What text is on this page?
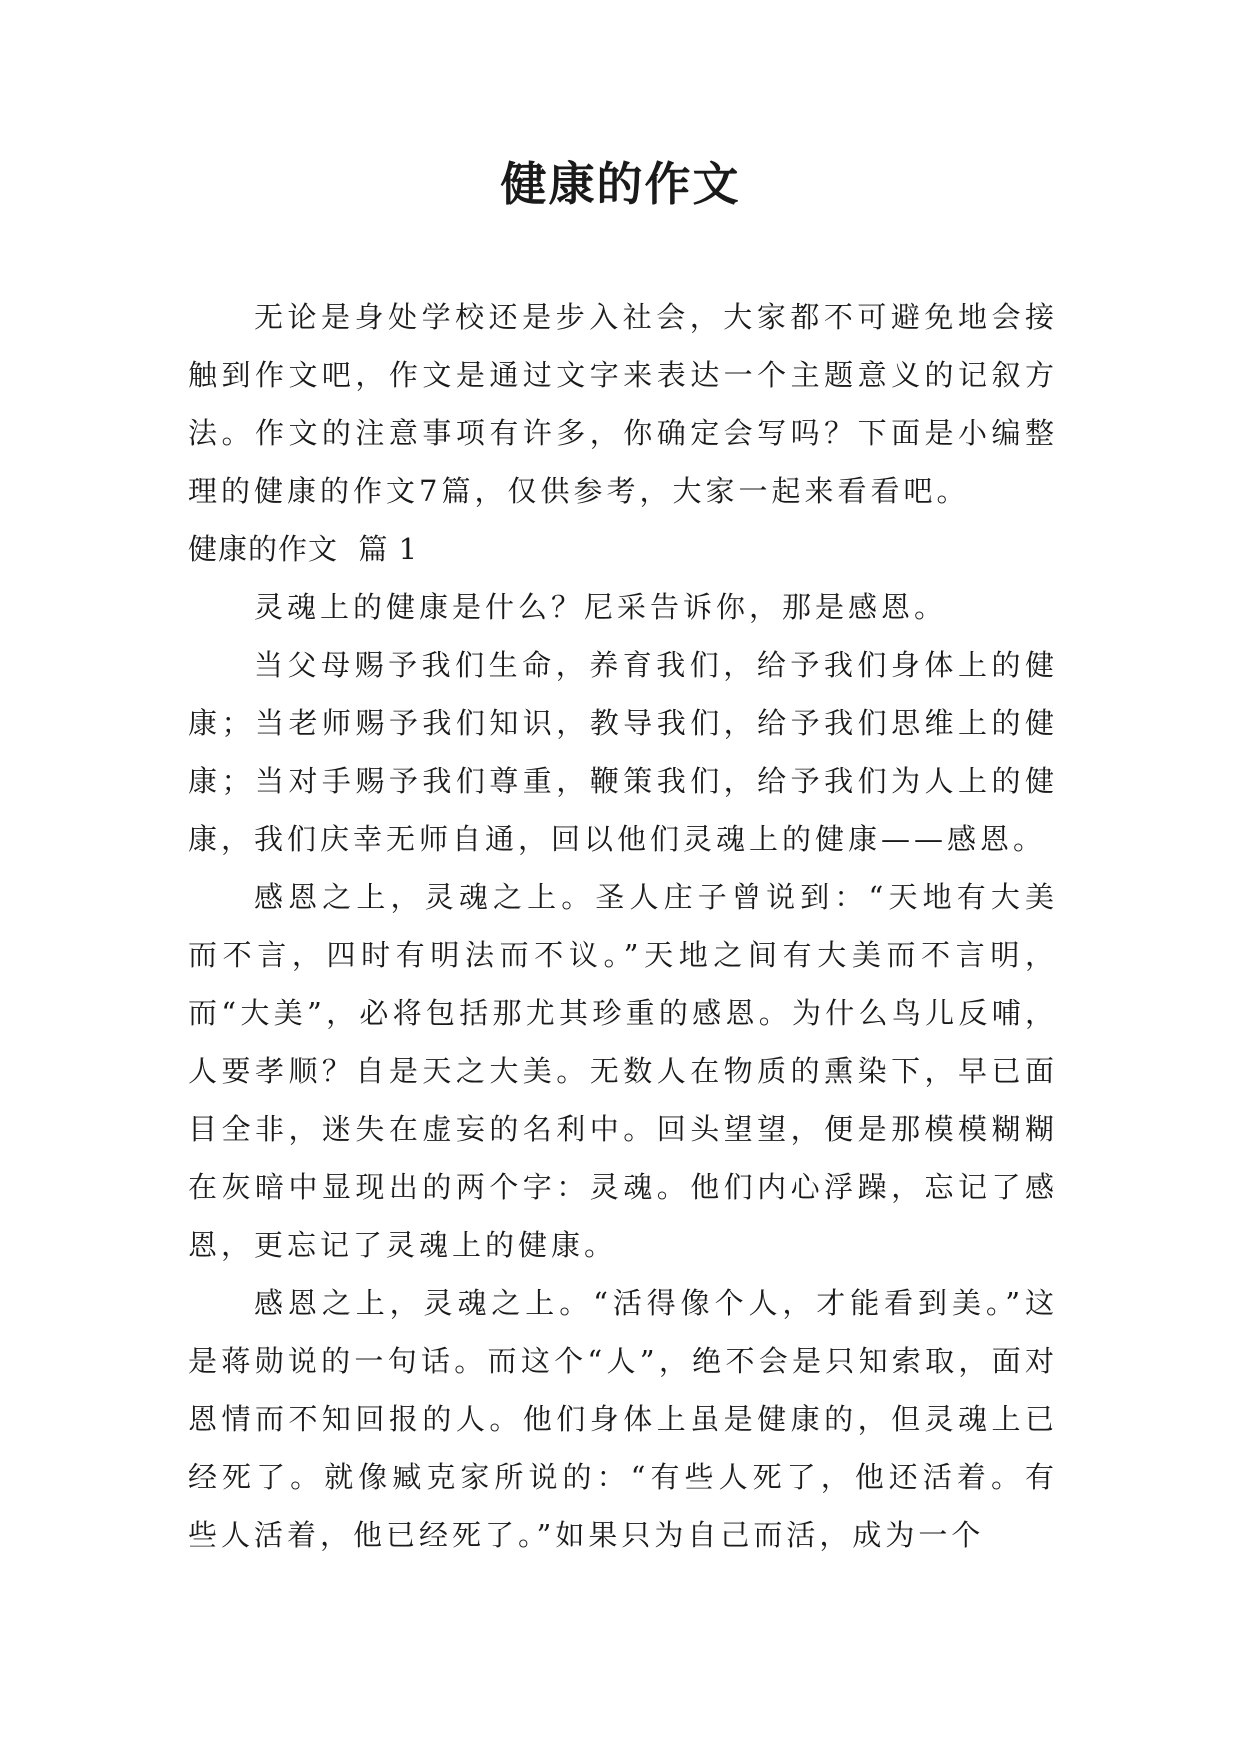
健康的作文

无论是身处学校还是步入社会，大家都不可避免地会接触到作文吧，作文是通过文字来表达一个主题意义的记叙方法。作文的注意事项有许多，你确定会写吗？下面是小编整理的健康的作文7篇，仅供参考，大家一起来看看吧。

健康的作文  篇 1

灵魂上的健康是什么？尼采告诉你，那是感恩。

当父母赐予我们生命，养育我们，给予我们身体上的健康；当老师赐予我们知识，教导我们，给予我们思维上的健康；当对手赐予我们尊重，鞭策我们，给予我们为人上的健康，我们庆幸无师自通，回以他们灵魂上的健康——感恩。

感恩之上，灵魂之上。圣人庄子曾说到：“天地有大美而不言，四时有明法而不议。”天地之间有大美而不言明，而“大美”，必将包括那尤其珍重的感恩。为什么鸟儿反哺，人要孝顺？自是天之大美。无数人在物质的熏染下，早已面目全非，迷失在虚妄的名利中。回头望望，便是那模模糊糊在灰暗中显现出的两个字：灵魂。他们内心浮躁，忘记了感恩，更忘记了灵魂上的健康。

感恩之上，灵魂之上。“活得像个人，才能看到美。”这是蒋勋说的一句话。而这个“人”，绝不会是只知索取，面对恩情而不知回报的人。他们身体上虽是健康的，但灵魂上已经死了。就像臧克家所说的：“有些人死了，他还活着。有些人活着，他已经死了。”如果只为自己而活，成为一个
